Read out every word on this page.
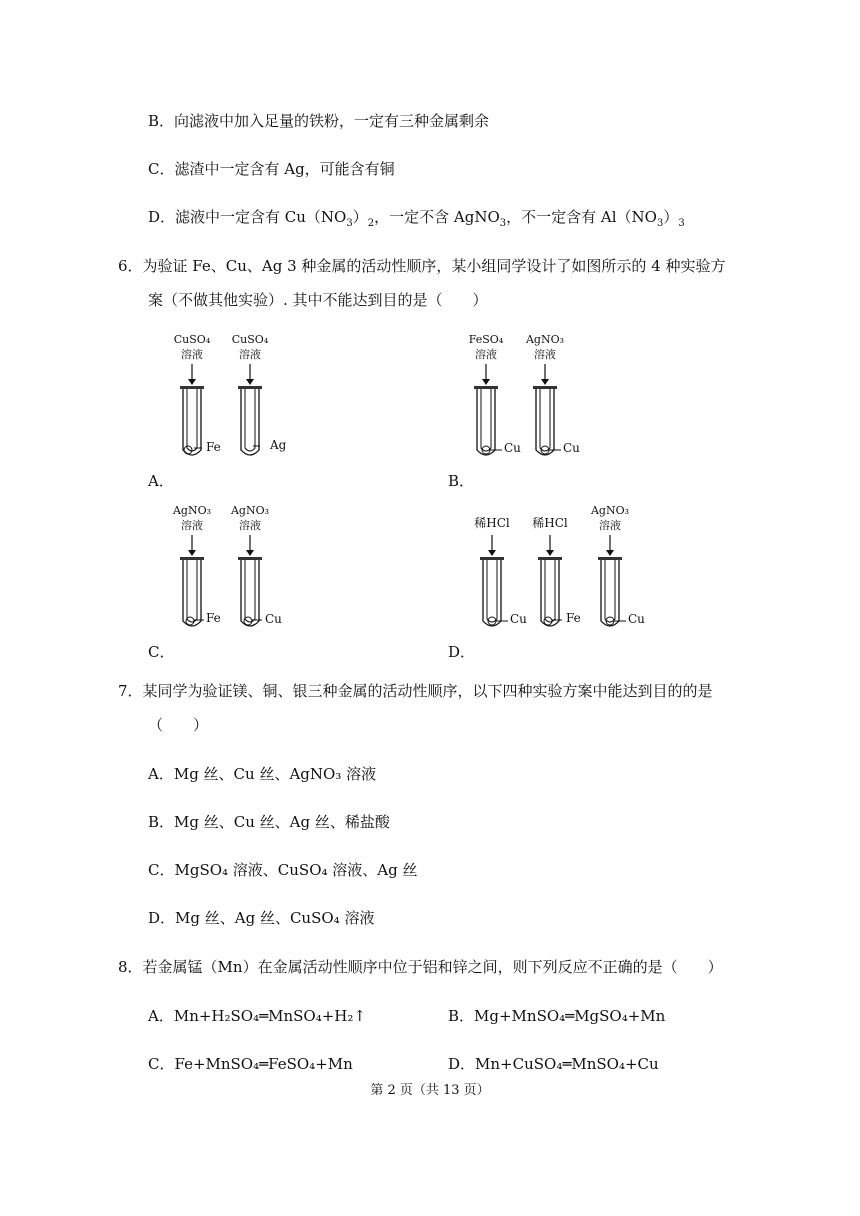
B．向滤液中加入足量的铁粉，一定有三种金属剩余
C．滤渣中一定含有 Ag，可能含有铜
D．滤液中一定含有 $Cu(NO_3)_2$，一定不含 AgNO$_3$，不一定含有 $Al(NO_3)_3$
6．为验证 Fe、Cu、Ag 3 种金属的活动性顺序，某小组同学设计了如图所示的 4 种实验方
案（不做其他实验）. 其中不能达到目的是（　　）
A．
CuSO₄
溶液
CuSO₄
溶液
Fe	Ag
B．
FeSO₄
溶液
AgNO₃
溶液
Cu	Cu
C．
AgNO₃
溶液
AgNO₃
溶液
Fe	Cu
D．
稀HCl	稀HCl
AgNO₃
溶液
Cu	Fe	Cu
7．某同学为验证镁、铜、银三种金属的活动性顺序，以下四种实验方案中能达到目的的是
（　　）
A．Mg 丝、Cu 丝、AgNO₃ 溶液
B．Mg 丝、Cu 丝、Ag 丝、稀盐酸
C．MgSO₄ 溶液、CuSO₄ 溶液、Ag 丝
D．Mg 丝、Ag 丝、CuSO₄ 溶液
8．若金属锰（Mn）在金属活动性顺序中位于铝和锌之间，则下列反应不正确的是（　　）
A．Mn+H₂SO₄═MnSO₄+H₂↑	B．Mg+MnSO₄═MgSO₄+Mn
C．Fe+MnSO₄═FeSO₄+Mn	D．Mn+CuSO₄═MnSO₄+Cu
第 2 页（共 13 页）
